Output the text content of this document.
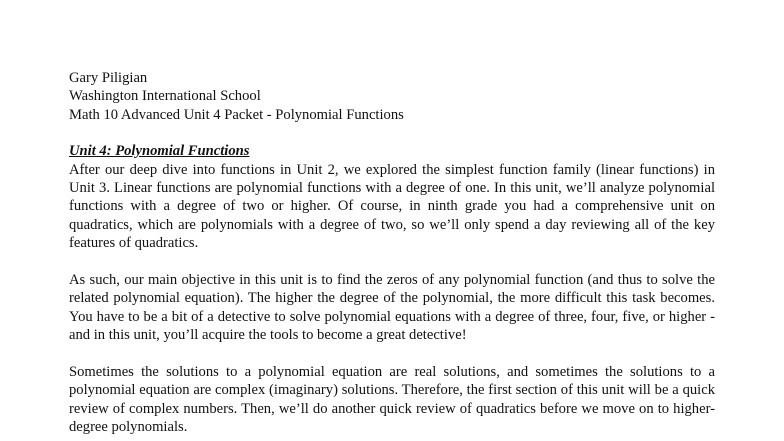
Gary Piligian
Washington International School
Math 10 Advanced Unit 4 Packet - Polynomial Functions
Unit 4: Polynomial Functions

After our deep dive into functions in Unit 2, we explored the simplest function family (linear functions) in Unit 3. Linear functions are polynomial functions with a degree of one. In this unit, we’ll analyze polynomial functions with a degree of two or higher. Of course, in ninth grade you had a comprehensive unit on quadratics, which are polynomials with a degree of two, so we’ll only spend a day reviewing all of the key features of quadratics.

As such, our main objective in this unit is to find the zeros of any polynomial function (and thus to solve the related polynomial equation). The higher the degree of the polynomial, the more difficult this task becomes. You have to be a bit of a detective to solve polynomial equations with a degree of three, four, five, or higher - and in this unit, you’ll acquire the tools to become a great detective!

Sometimes the solutions to a polynomial equation are real solutions, and sometimes the solutions to a polynomial equation are complex (imaginary) solutions. Therefore, the first section of this unit will be a quick review of complex numbers. Then, we’ll do another quick review of quadratics before we move on to higher-degree polynomials.
